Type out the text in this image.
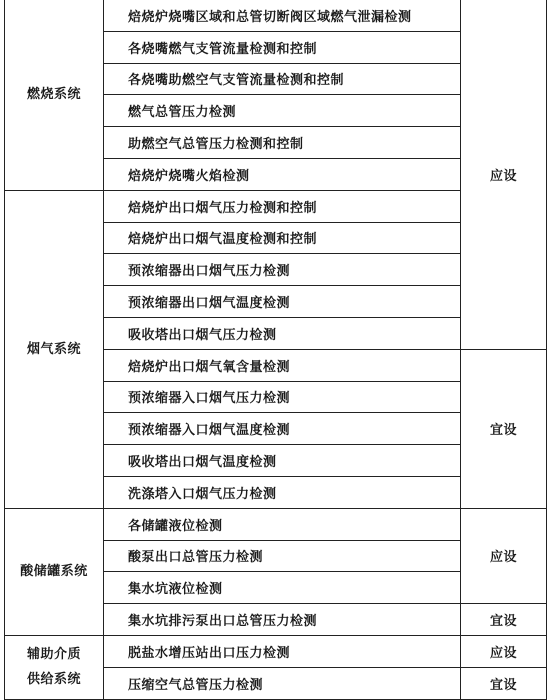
燃烧系统	焙烧炉烧嘴区域和总管切断阀区域燃气泄漏检测	应设
	各烧嘴燃气支管流量检测和控制	
	各烧嘴助燃空气支管流量检测和控制	
	燃气总管压力检测	
	助燃空气总管压力检测和控制	
	焙烧炉烧嘴火焰检测	
烟气系统	焙烧炉出口烟气压力检测和控制	
	焙烧炉出口烟气温度检测和控制	
	预浓缩器出口烟气压力检测	
	预浓缩器出口烟气温度检测	
	吸收塔出口烟气压力检测	
	焙烧炉出口烟气氧含量检测	宜设
	预浓缩器入口烟气压力检测	
	预浓缩器入口烟气温度检测	
	吸收塔出口烟气温度检测	
	洗涤塔入口烟气压力检测	
酸储罐系统	各储罐液位检测	应设
	酸泵出口总管压力检测	
	集水坑液位检测	
	集水坑排污泵出口总管压力检测	宜设

辅助介质
供给系统	脱盐水增压站出口压力检测	应设
	压缩空气总管压力检测	宜设
